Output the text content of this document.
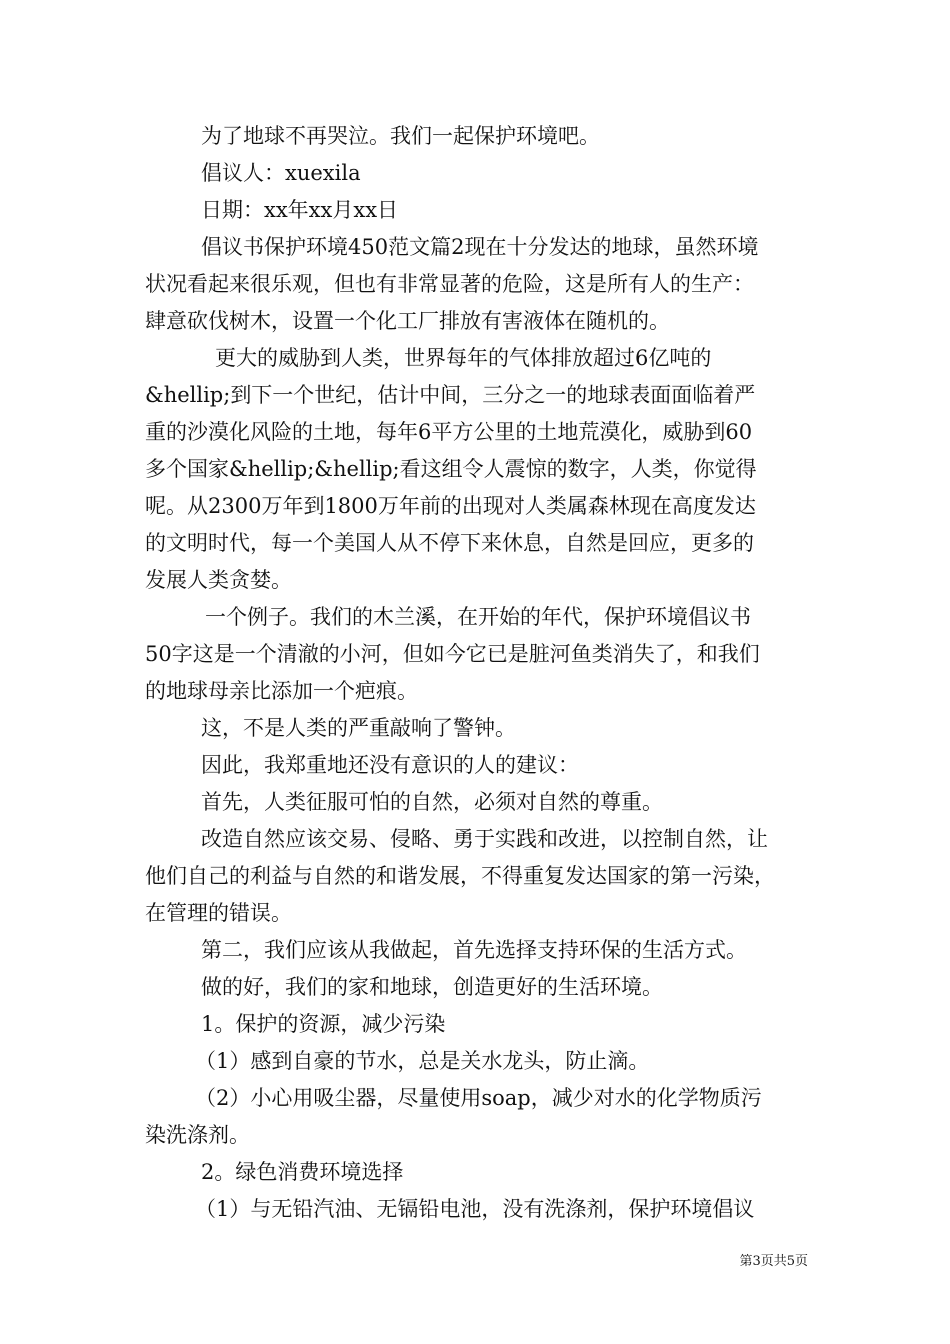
为了地球不再哭泣。我们一起保护环境吧。

倡议人：xuexila

日期：xx年xx月xx日

倡议书保护环境450范文篇2现在十分发达的地球，虽然环境
状况看起来很乐观，但也有非常显著的危险，这是所有人的生产：
肆意砍伐树木，设置一个化工厂排放有害液体在随机的。

更大的威胁到人类，世界每年的气体排放超过6亿吨的
&hellip;到下一个世纪，估计中间，三分之一的地球表面面临着严
重的沙漠化风险的土地，每年6平方公里的土地荒漠化，威胁到60
多个国家&hellip;&hellip;看这组令人震惊的数字，人类，你觉得
呢。从2300万年到1800万年前的出现对人类属森林现在高度发达
的文明时代，每一个美国人从不停下来休息，自然是回应，更多的
发展人类贪婪。

一个例子。我们的木兰溪，在开始的年代，保护环境倡议书
50字这是一个清澈的小河，但如今它已是脏河鱼类消失了，和我们
的地球母亲比添加一个疤痕。

这，不是人类的严重敲响了警钟。

因此，我郑重地还没有意识的人的建议：

首先，人类征服可怕的自然，必须对自然的尊重。

改造自然应该交易、侵略、勇于实践和改进，以控制自然，让
他们自己的利益与自然的和谐发展，不得重复发达国家的第一污染，
在管理的错误。

第二，我们应该从我做起，首先选择支持环保的生活方式。

做的好，我们的家和地球，创造更好的生活环境。

1。保护的资源，减少污染

（1）感到自豪的节水，总是关水龙头，防止滴。

（2）小心用吸尘器，尽量使用soap，减少对水的化学物质污
染洗涤剂。

2。绿色消费环境选择

（1）与无铅汽油、无镉铅电池，没有洗涤剂，保护环境倡议

第3页共5页
